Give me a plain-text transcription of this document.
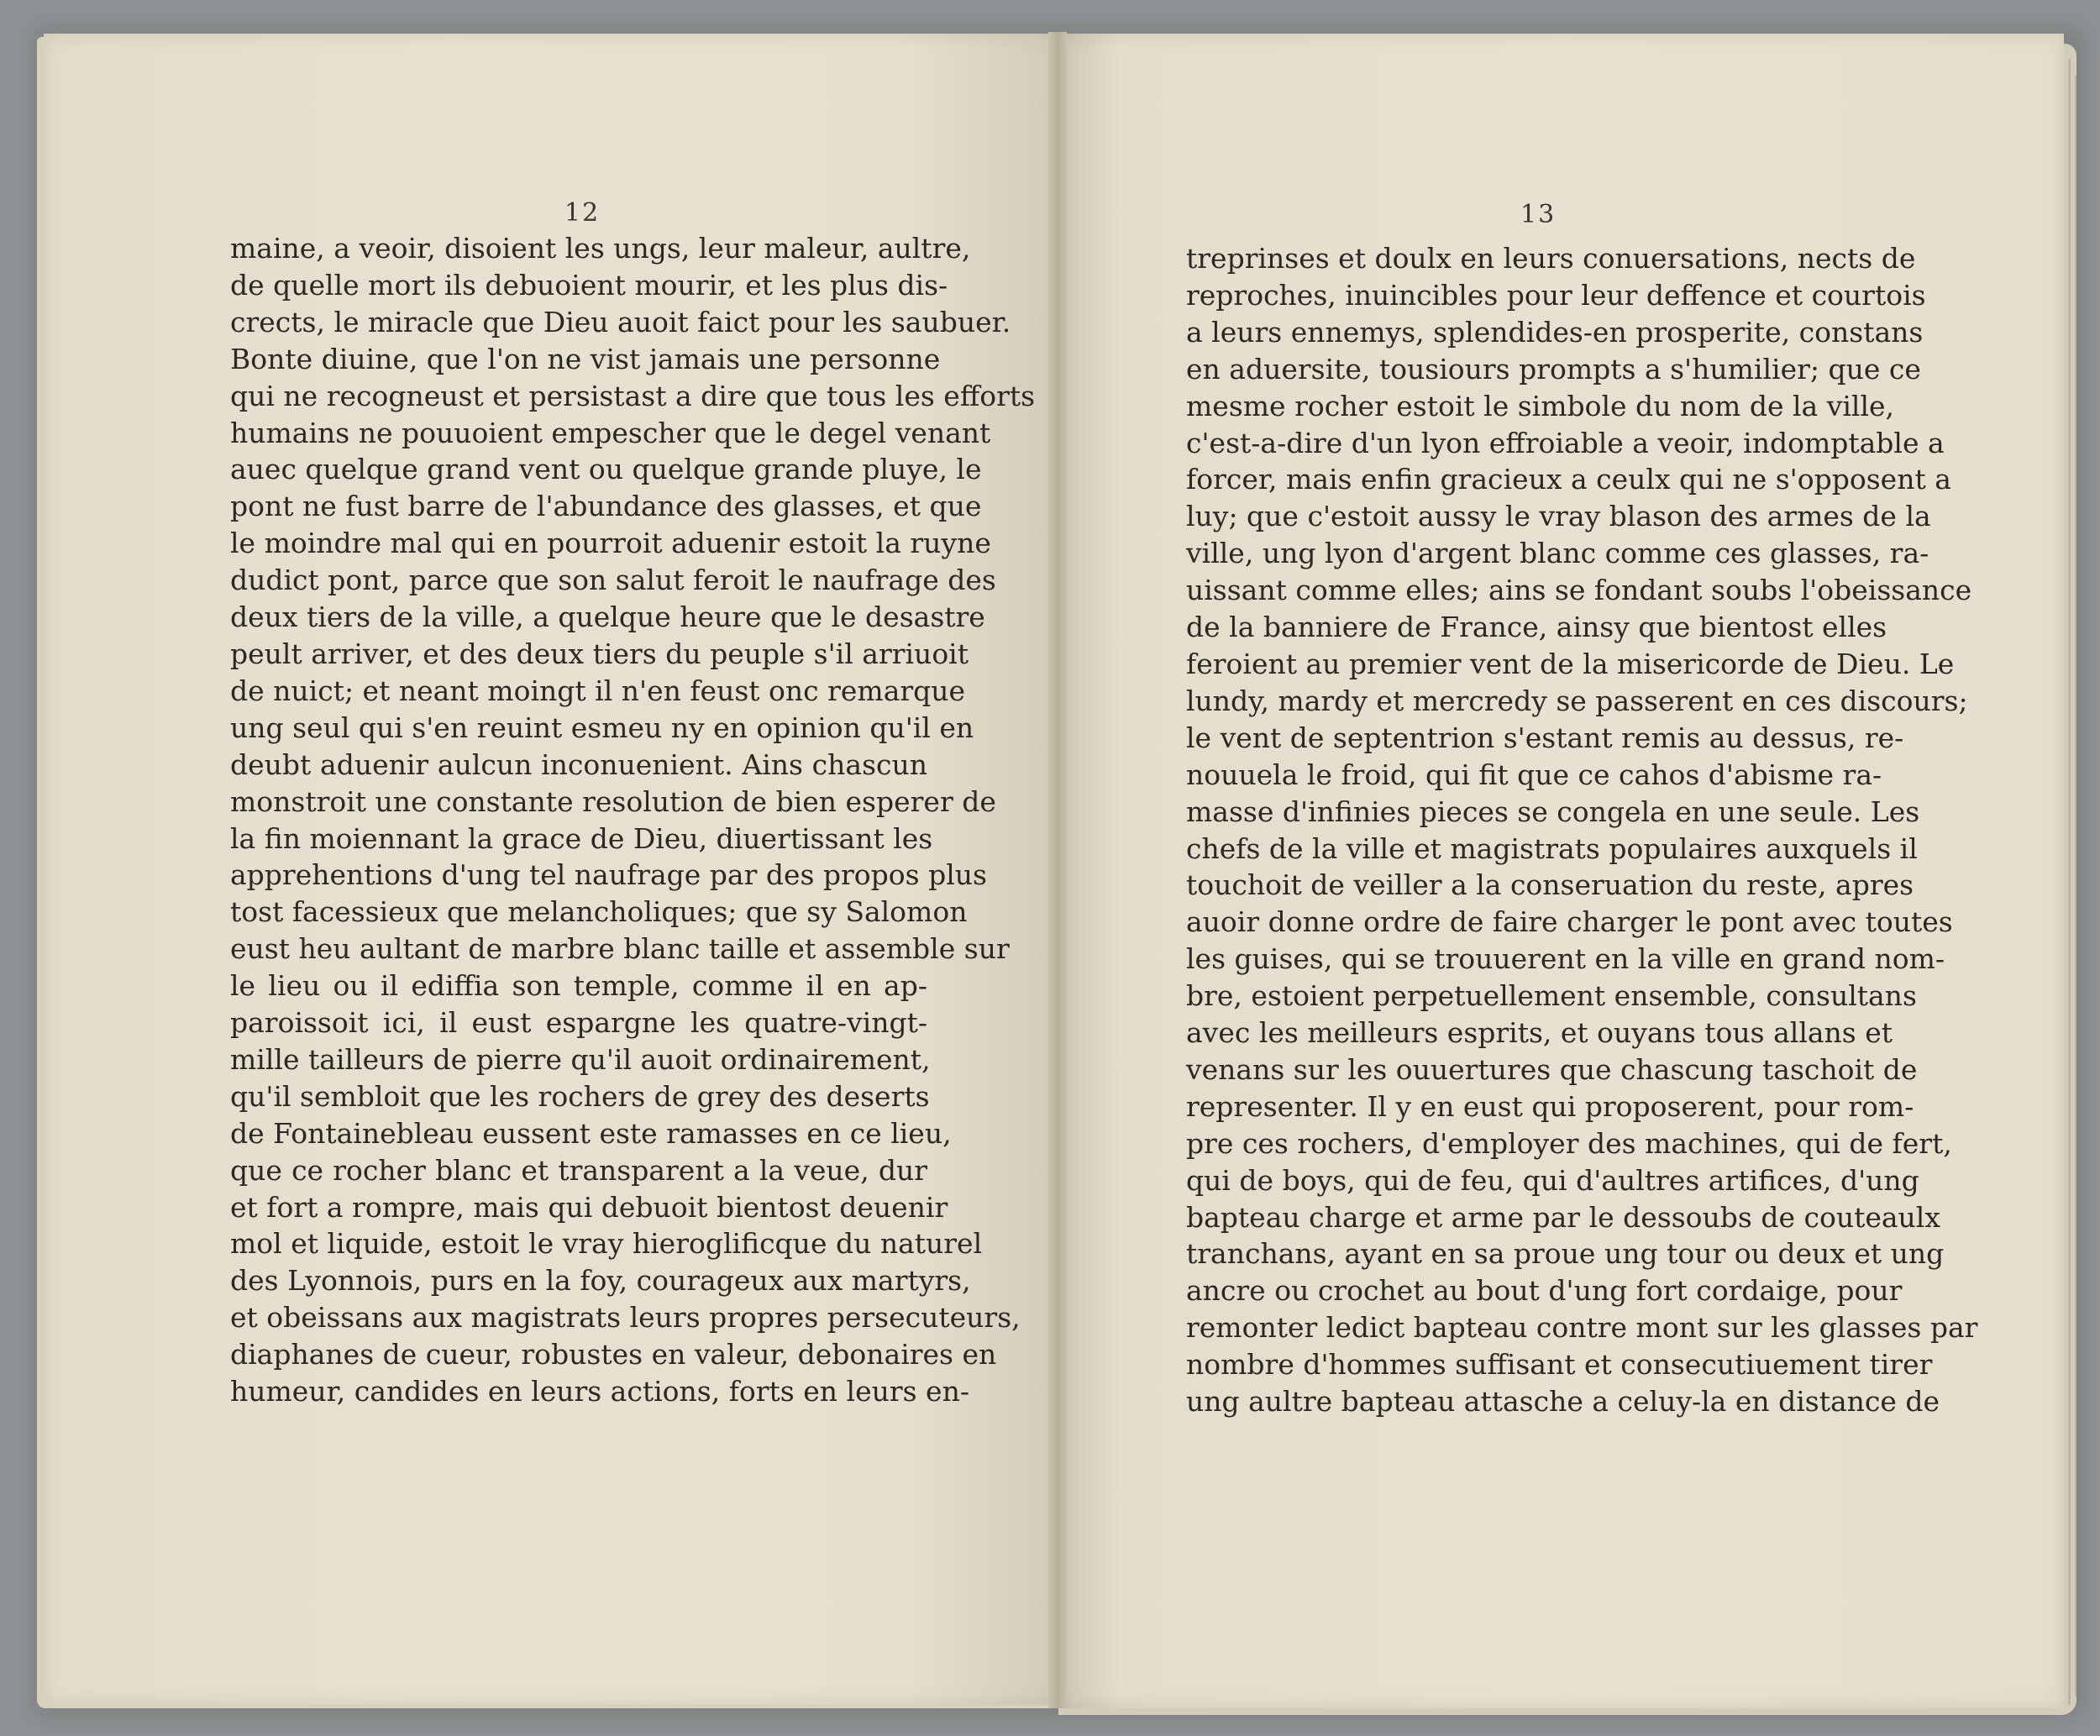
12	13
maine, a veoir, disoient les ungs, leur maleur, aultre,
de quelle mort ils debuoient mourir, et les plus dis-
crects, le miracle que Dieu auoit faict pour les saubuer.
Bonte diuine, que l'on ne vist jamais une personne
qui ne recogneust et persistast a dire que tous les efforts
humains ne pouuoient empescher que le degel venant
auec quelque grand vent ou quelque grande pluye, le
pont ne fust barre de l'abundance des glasses, et que
le moindre mal qui en pourroit aduenir estoit la ruyne
dudict pont, parce que son salut feroit le naufrage des
deux tiers de la ville, a quelque heure que le desastre
peult arriver, et des deux tiers du peuple s'il arriuoit
de nuict; et neant moingt il n'en feust onc remarque
ung seul qui s'en reuint esmeu ny en opinion qu'il en
deubt aduenir aulcun inconuenient. Ains chascun
monstroit une constante resolution de bien esperer de
la fin moiennant la grace de Dieu, diuertissant les
apprehentions d'ung tel naufrage par des propos plus
tost facessieux que melancholiques; que sy Salomon
eust heu aultant de marbre blanc taille et assemble sur
le lieu ou il ediffia son temple, comme il en ap-
paroissoit ici, il eust espargne les quatre-vingt-
mille tailleurs de pierre qu'il auoit ordinairement,
qu'il sembloit que les rochers de grey des deserts
de Fontainebleau eussent este ramasses en ce lieu,
que ce rocher blanc et transparent a la veue, dur
et fort a rompre, mais qui debuoit bientost deuenir
mol et liquide, estoit le vray hieroglificque du naturel
des Lyonnois, purs en la foy, courageux aux martyrs,
et obeissans aux magistrats leurs propres persecuteurs,
diaphanes de cueur, robustes en valeur, debonaires en
humeur, candides en leurs actions, forts en leurs en-
treprinses et doulx en leurs conuersations, nects de
reproches, inuincibles pour leur deffence et courtois
a leurs ennemys, splendides-en prosperite, constans
en aduersite, tousiours prompts a s'humilier; que ce
mesme rocher estoit le simbole du nom de la ville,
c'est-a-dire d'un lyon effroiable a veoir, indomptable a
forcer, mais enfin gracieux a ceulx qui ne s'opposent a
luy; que c'estoit aussy le vray blason des armes de la
ville, ung lyon d'argent blanc comme ces glasses, ra-
uissant comme elles; ains se fondant soubs l'obeissance
de la banniere de France, ainsy que bientost elles
feroient au premier vent de la misericorde de Dieu. Le
lundy, mardy et mercredy se passerent en ces discours;
le vent de septentrion s'estant remis au dessus, re-
nouuela le froid, qui fit que ce cahos d'abisme ra-
masse d'infinies pieces se congela en une seule. Les
chefs de la ville et magistrats populaires auxquels il
touchoit de veiller a la conseruation du reste, apres
auoir donne ordre de faire charger le pont avec toutes
les guises, qui se trouuerent en la ville en grand nom-
bre, estoient perpetuellement ensemble, consultans
avec les meilleurs esprits, et ouyans tous allans et
venans sur les ouuertures que chascung taschoit de
representer. Il y en eust qui proposerent, pour rom-
pre ces rochers, d'employer des machines, qui de fert,
qui de boys, qui de feu, qui d'aultres artifices, d'ung
bapteau charge et arme par le dessoubs de couteaulx
tranchans, ayant en sa proue ung tour ou deux et ung
ancre ou crochet au bout d'ung fort cordaige, pour
remonter ledict bapteau contre mont sur les glasses par
nombre d'hommes suffisant et consecutiuement tirer
ung aultre bapteau attasche a celuy-la en distance de
